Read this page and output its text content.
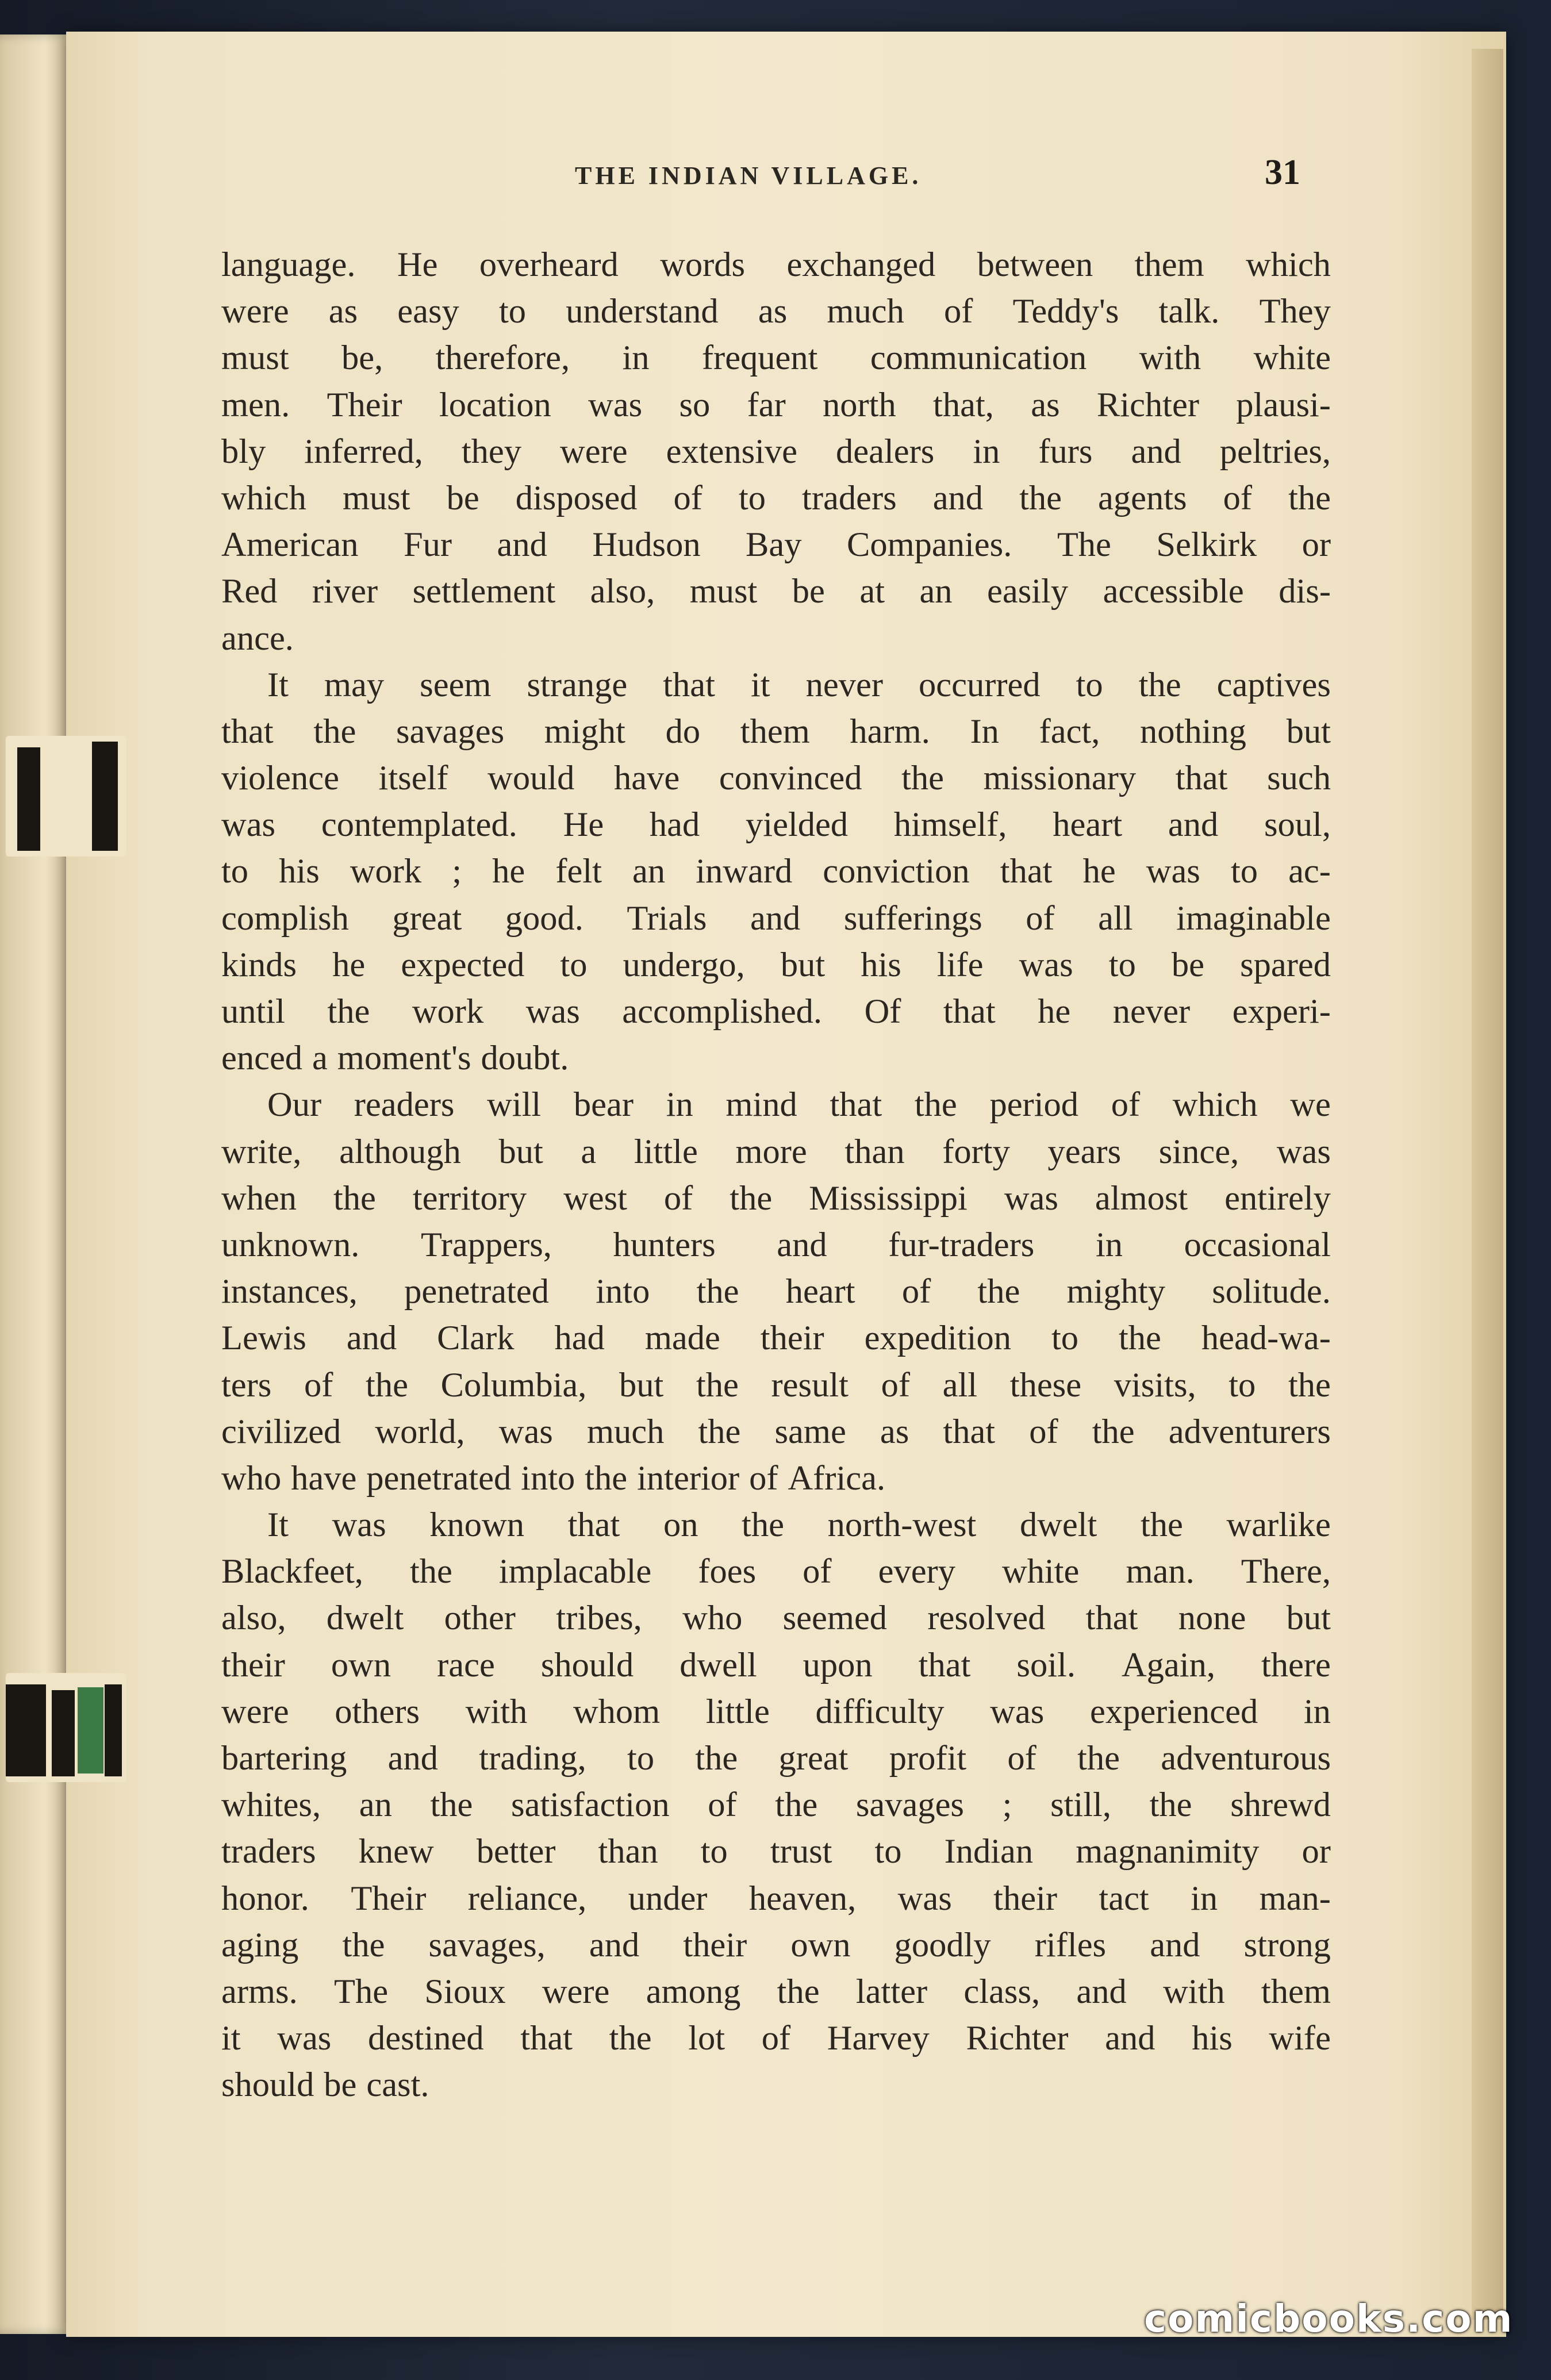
THE INDIAN VILLAGE.	31
language. He overheard words exchanged between them which
were as easy to understand as much of Teddy's talk. They
must be, therefore, in frequent communication with white
men. Their location was so far north that, as Richter plausi-
bly inferred, they were extensive dealers in furs and peltries,
which must be disposed of to traders and the agents of the
American Fur and Hudson Bay Companies. The Selkirk or
Red river settlement also, must be at an easily accessible dis-
ance.
It may seem strange that it never occurred to the captives
that the savages might do them harm. In fact, nothing but
violence itself would have convinced the missionary that such
was contemplated. He had yielded himself, heart and soul,
to his work ; he felt an inward conviction that he was to ac-
complish great good. Trials and sufferings of all imaginable
kinds he expected to undergo, but his life was to be spared
until the work was accomplished. Of that he never experi-
enced a moment's doubt.
Our readers will bear in mind that the period of which we
write, although but a little more than forty years since, was
when the territory west of the Mississippi was almost entirely
unknown. Trappers, hunters and fur-traders in occasional
instances, penetrated into the heart of the mighty solitude.
Lewis and Clark had made their expedition to the head-wa-
ters of the Columbia, but the result of all these visits, to the
civilized world, was much the same as that of the adventurers
who have penetrated into the interior of Africa.
It was known that on the north-west dwelt the warlike
Blackfeet, the implacable foes of every white man. There,
also, dwelt other tribes, who seemed resolved that none but
their own race should dwell upon that soil. Again, there
were others with whom little difficulty was experienced in
bartering and trading, to the great profit of the adventurous
whites, an the satisfaction of the savages ; still, the shrewd
traders knew better than to trust to Indian magnanimity or
honor. Their reliance, under heaven, was their tact in man-
aging the savages, and their own goodly rifles and strong
arms. The Sioux were among the latter class, and with them
it was destined that the lot of Harvey Richter and his wife
should be cast.
comicbooks.com
